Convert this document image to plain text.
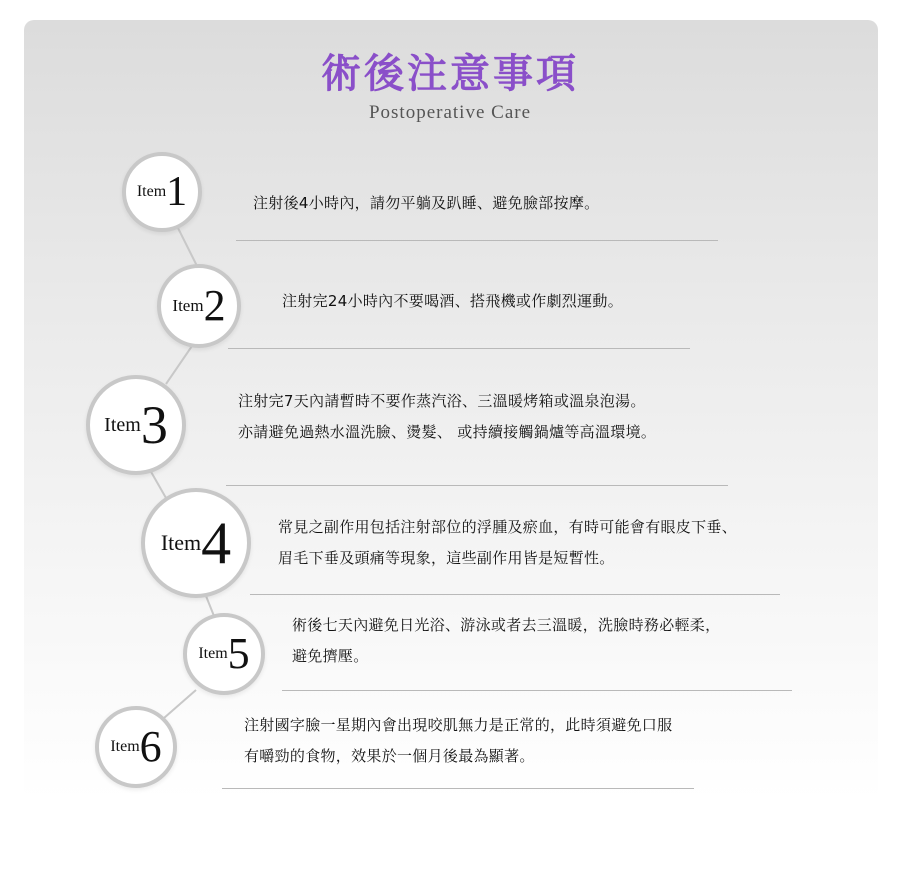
術後注意事項
Postoperative Care
Item 1	注射後4小時內，請勿平躺及趴睡、避免臉部按摩。
Item 2	注射完24小時內不要喝酒、搭飛機或作劇烈運動。
Item 3	注射完7天內請暫時不要作蒸汽浴、三溫暖烤箱或溫泉泡湯。
亦請避免過熱水溫洗臉、燙髮、 或持續接觸鍋爐等高溫環境。
Item 4	常見之副作用包括注射部位的浮腫及瘀血，有時可能會有眼皮下垂、
眉毛下垂及頭痛等現象，這些副作用皆是短暫性。
Item 5
術後七天內避免日光浴、游泳或者去三溫暖，洗臉時務必輕柔，
避免擠壓。
Item 6	注射國字臉一星期內會出現咬肌無力是正常的，此時須避免口服
有嚼勁的食物，效果於一個月後最為顯著。
